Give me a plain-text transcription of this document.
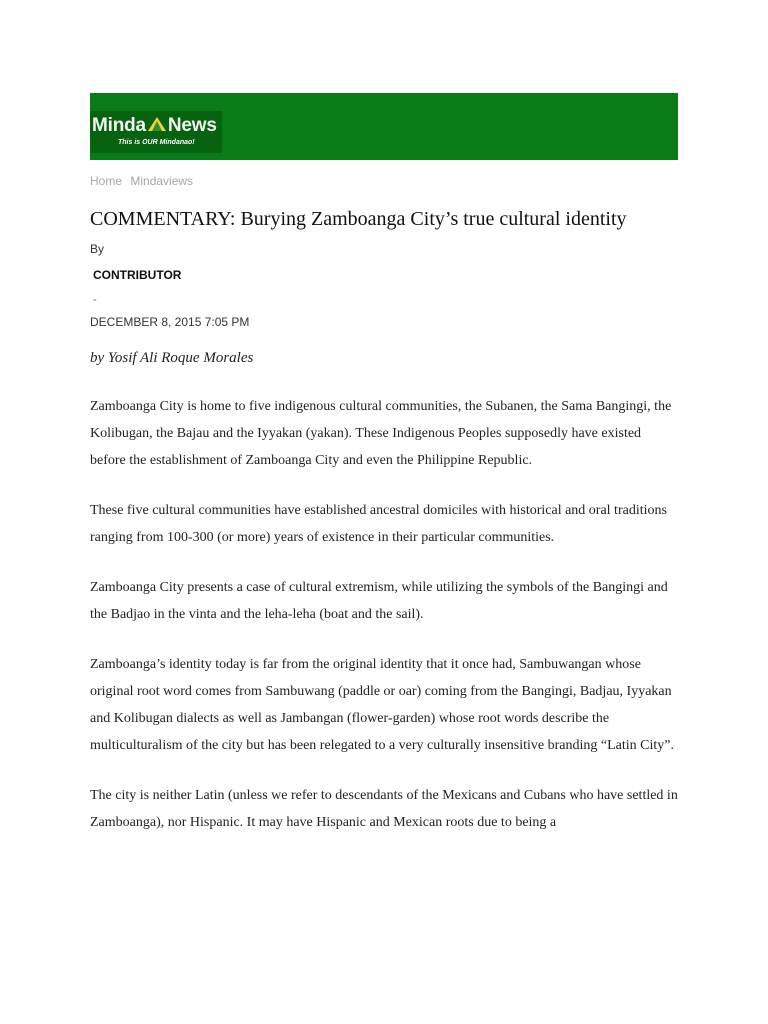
Minda News
This is OUR Mindanao!
Home Mindaviews
COMMENTARY: Burying Zamboanga City’s true cultural identity
By
CONTRIBUTOR
-
DECEMBER 8, 2015 7:05 PM
by Yosif Ali Roque Morales

Zamboanga City is home to five indigenous cultural communities, the Subanen, the Sama Bangingi, the Kolibugan, the Bajau and the Iyyakan (yakan). These Indigenous Peoples supposedly have existed before the establishment of Zamboanga City and even the Philippine Republic.

These five cultural communities have established ancestral domiciles with historical and oral traditions ranging from 100-300 (or more) years of existence in their particular communities.

Zamboanga City presents a case of cultural extremism, while utilizing the symbols of the Bangingi and the Badjao in the vinta and the leha-leha (boat and the sail).

Zamboanga’s identity today is far from the original identity that it once had, Sambuwangan whose original root word comes from Sambuwang (paddle or oar) coming from the Bangingi, Badjau, Iyyakan and Kolibugan dialects as well as Jambangan (flower-garden) whose root words describe the multiculturalism of the city but has been relegated to a very culturally insensitive branding “Latin City”.

The city is neither Latin (unless we refer to descendants of the Mexicans and Cubans who have settled in Zamboanga), nor Hispanic. It may have Hispanic and Mexican roots due to being a
